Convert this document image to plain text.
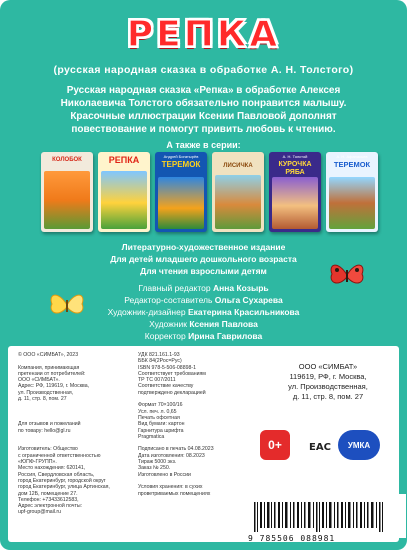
РЕПКА
(русская народная сказка в обработке А. Н. Толстого)
Русская народная сказка «Репка» в обработке Алексея
Николаевича Толстого обязательно понравится малышу.
Красочные иллюстрации Ксении Павловой дополнят
повествование и помогут привить любовь к чтению.
А также в серии:
КОЛОБОК	РЕПКА	Андрей Богатырёв
ТЕРЕМОК	ЛИСИЧКА
А. Н. Толстой
КУРОЧКА РЯБА
А. Н. Афанасьев
ТЕРЕМОК
Литературно-художественное издание
Для детей младшего дошкольного возраста
Для чтения взрослыми детям
Главный редактор Анна Козырь
Редактор-составитель Ольга Сухарева
Художник-дизайнер Екатерина Красильникова
Художник Ксения Павлова
Корректор Ирина Гаврилова
© ООО «СИМБАТ», 2023

Компания, принимающая
претензии от потребителей:
ООО «СИМБАТ».
Адрес: РФ, 119619, г. Москва,
ул. Производственная,
д. 11, стр. 8, пом. 27

Для отзывов и пожеланий
по товару: hello@gl.ru

Изготовитель: Общество
с ограниченной ответственностью
«ЮПФ-ГРУПП».
Место нахождения: 620141,
Россия, Свердловская область,
город Екатеринбург, городской округ
город Екатеринбург, улица Артинская,
дом 12Б, помещение 27.
Телефон: +73433612583,
Адрес электронной почты:
upf-group@mail.ru
УДК 821.161.1-93
ББК 84(2Рос=Рус)
ISBN 978-5-506-08898-1
Соответствует требованиям
ТР ТС 007/2011
Соответствие качеству
подтверждено декларацией

Формат 70×100/16
Усл. печ. л. 0,65
Печать офсетная
Вид бумаги: картон
Гарнитура шрифта
Pragmatica

Подписано в печать 04.08.2023
Дата изготовления: 08.2023
Тираж 5000 экз.
Заказ № 250.
Изготовлено в России

Условия хранения: в сухих
проветриваемых помещениях
ООО «СИМБАТ»
119619, РФ, г. Москва,
ул. Производственная,
д. 11, стр. 8, пом. 27
0+	EAC	УМКА
ISBN 978-5-506-08898-1
9 785506 088981
